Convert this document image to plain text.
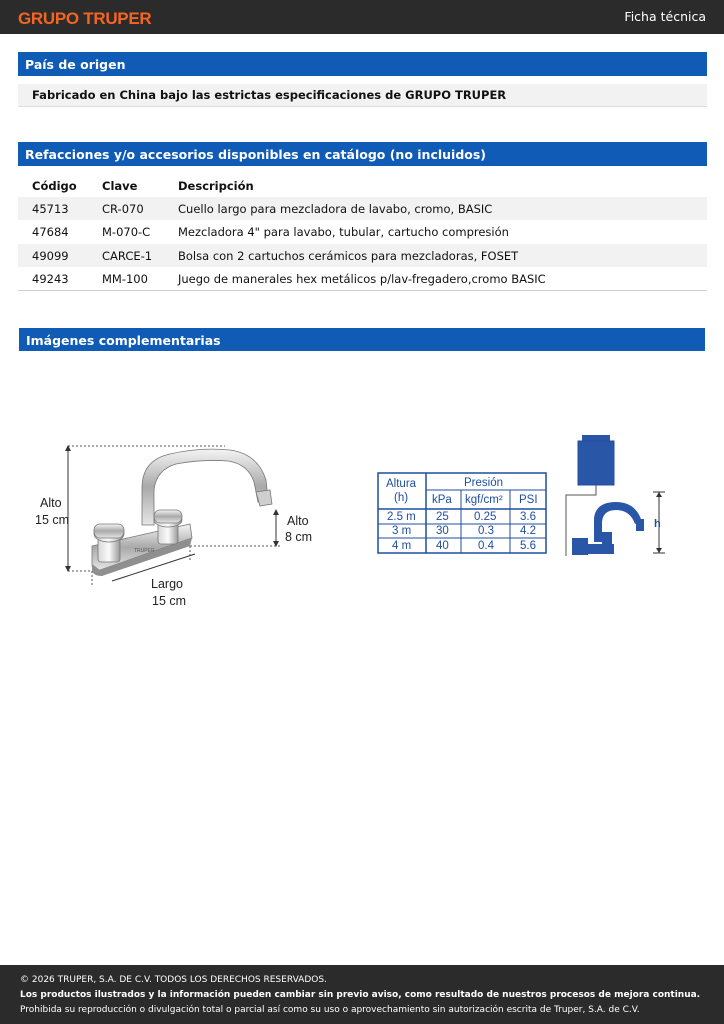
GRUPO TRUPER	Ficha técnica
País de origen
Fabricado en China bajo las estrictas especificaciones de GRUPO TRUPER
Refacciones y/o accesorios disponibles en catálogo (no incluidos)
Código Clave	Descripción
45713	CR-070	Cuello largo para mezcladora de lavabo, cromo, BASIC
47684	M-070-C Mezcladora 4" para lavabo, tubular, cartucho compresión
49099	CARCE-1 Bolsa con 2 cartuchos cerámicos para mezcladoras, FOSET
49243	MM-100	Juego de manerales hex metálicos p/lav-fregadero,cromo BASIC
Imágenes complementarias
TRUPER
Alto
15 cm	Alto
8 cm
Largo
15 cm
Altura
(h)
Presión
kPa kgf/cm² PSI
2.5 m 25 0.25 3.6
3 m 30	0.3 4.2
4 m 40	0.4 5.6
h
© 2026 TRUPER, S.A. DE C.V. TODOS LOS DERECHOS RESERVADOS.
Los productos ilustrados y la información pueden cambiar sin previo aviso, como resultado de nuestros procesos de mejora continua.
Prohibida su reproducción o divulgación total o parcial así como su uso o aprovechamiento sin autorización escrita de Truper, S.A. de C.V.
